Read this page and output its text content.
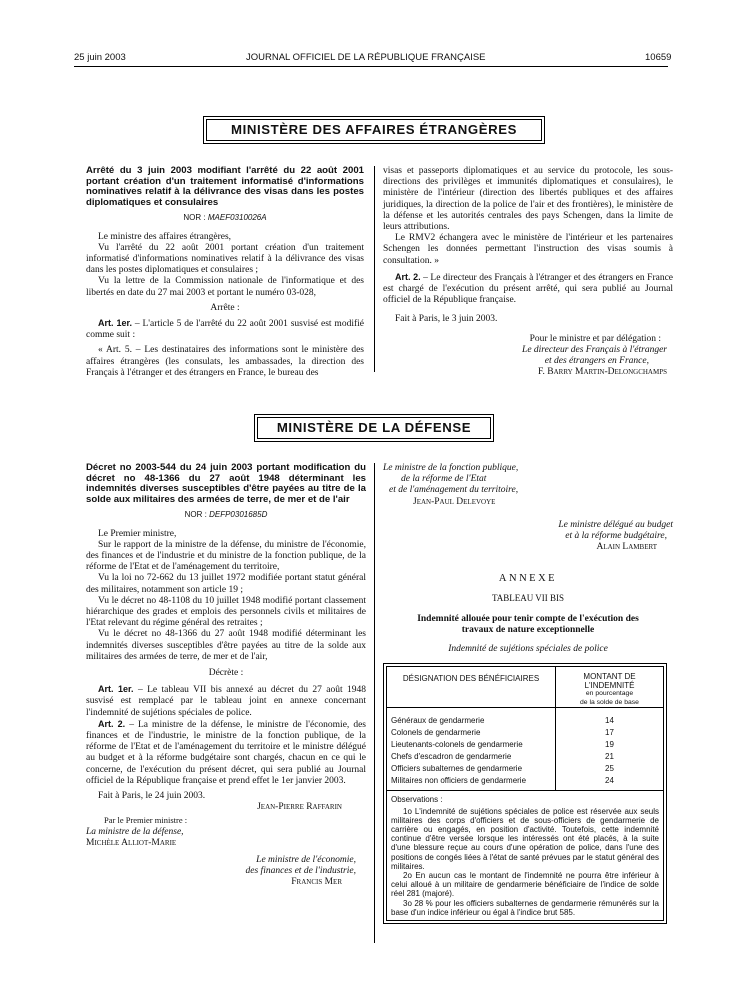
25 juin 2003	JOURNAL OFFICIEL DE LA RÉPUBLIQUE FRANÇAISE	10659
MINISTÈRE DES AFFAIRES ÉTRANGÈRES
Arrêté du 3 juin 2003 modifiant l'arrêté du 22 août 2001 portant création d'un traitement informatisé d'informations nominatives relatif à la délivrance des visas dans les postes diplomatiques et consulaires
NOR : MAEF0310026A

Le ministre des affaires étrangères,

Vu l'arrêté du 22 août 2001 portant création d'un traitement informatisé d'informations nominatives relatif à la délivrance des visas dans les postes diplomatiques et consulaires ;

Vu la lettre de la Commission nationale de l'informatique et des libertés en date du 27 mai 2003 et portant le numéro 03-028,

Arrête :

Art. 1er. – L'article 5 de l'arrêté du 22 août 2001 susvisé est modifié comme suit :

« Art. 5. – Les destinataires des informations sont le ministère des affaires étrangères (les consulats, les ambassades, la direction des Français à l'étranger et des étrangers en France, le bureau des

visas et passeports diplomatiques et au service du protocole, les sous-directions des privilèges et immunités diplomatiques et consulaires), le ministère de l'intérieur (direction des libertés publiques et des affaires juridiques, la direction de la police de l'air et des frontières), le ministère de la défense et les autorités centrales des pays Schengen, dans la limite de leurs attributions.

Le RMV2 échangera avec le ministère de l'intérieur et les partenaires Schengen les données permettant l'instruction des visas soumis à consultation. »

Art. 2. – Le directeur des Français à l'étranger et des étrangers en France est chargé de l'exécution du présent arrêté, qui sera publié au Journal officiel de la République française.

Fait à Paris, le 3 juin 2003.

Pour le ministre et par délégation :
Le directeur des Français à l'étranger
et des étrangers en France,
F. Barry Martin-Delongchamps
MINISTÈRE DE LA DÉFENSE
Décret no 2003-544 du 24 juin 2003 portant modification du décret no 48-1366 du 27 août 1948 déterminant les indemnités diverses susceptibles d'être payées au titre de la solde aux militaires des armées de terre, de mer et de l'air
NOR : DEFP0301685D

Le Premier ministre,

Sur le rapport de la ministre de la défense, du ministre de l'économie, des finances et de l'industrie et du ministre de la fonction publique, de la réforme de l'Etat et de l'aménagement du territoire,

Vu la loi no 72-662 du 13 juillet 1972 modifiée portant statut général des militaires, notamment son article 19 ;

Vu le décret no 48-1108 du 10 juillet 1948 modifié portant classement hiérarchique des grades et emplois des personnels civils et militaires de l'Etat relevant du régime général des retraites ;

Vu le décret no 48-1366 du 27 août 1948 modifié déterminant les indemnités diverses susceptibles d'être payées au titre de la solde aux militaires des armées de terre, de mer et de l'air,

Décrète :

Art. 1er. – Le tableau VII bis annexé au décret du 27 août 1948 susvisé est remplacé par le tableau joint en annexe concernant l'indemnité de sujétions spéciales de police.

Art. 2. – La ministre de la défense, le ministre de l'économie, des finances et de l'industrie, le ministre de la fonction publique, de la réforme de l'Etat et de l'aménagement du territoire et le ministre délégué au budget et à la réforme budgétaire sont chargés, chacun en ce qui le concerne, de l'exécution du présent décret, qui sera publié au Journal officiel de la République française et prend effet le 1er janvier 2003.

Fait à Paris, le 24 juin 2003.

Jean-Pierre Raffarin
Par le Premier ministre :
La ministre de la défense,
Michèle Alliot-Marie
Le ministre de l'économie,
des finances et de l'industrie,
Francis Mer
Le ministre de la fonction publique,
de la réforme de l'Etat
et de l'aménagement du territoire,
Jean-Paul Delevoye
Le ministre délégué au budget
et à la réforme budgétaire,
Alain Lambert
ANNEXE
TABLEAU VII BIS
Indemnité allouée pour tenir compte de l'exécution des travaux de nature exceptionnelle
Indemnité de sujétions spéciales de police
DÉSIGNATION DES BÉNÉFICIAIRES	MONTANT DE L'INDEMNITÉ
en pourcentage
de la solde de base

Généraux de gendarmerie	14
Colonels de gendarmerie	17
Lieutenants-colonels de gendarmerie	19
Chefs d'escadron de gendarmerie	21
Officiers subalternes de gendarmerie	25
Militaires non officiers de gendarmerie	24

Observations :

1o L'indemnité de sujétions spéciales de police est réservée aux seuls militaires des corps d'officiers et de sous-officiers de gendarmerie de carrière ou engagés, en position d'activité. Toutefois, cette indemnité continue d'être versée lorsque les intéressés ont été placés, à la suite d'une blessure reçue au cours d'une opération de police, dans l'une des positions de congés liées à l'état de santé prévues par le statut général des militaires.

2o En aucun cas le montant de l'indemnité ne pourra être inférieur à celui alloué à un militaire de gendarmerie bénéficiaire de l'indice de solde réel 281 (majoré).

3o 28 % pour les officiers subalternes de gendarmerie rémunérés sur la base d'un indice inférieur ou égal à l'indice brut 585.
